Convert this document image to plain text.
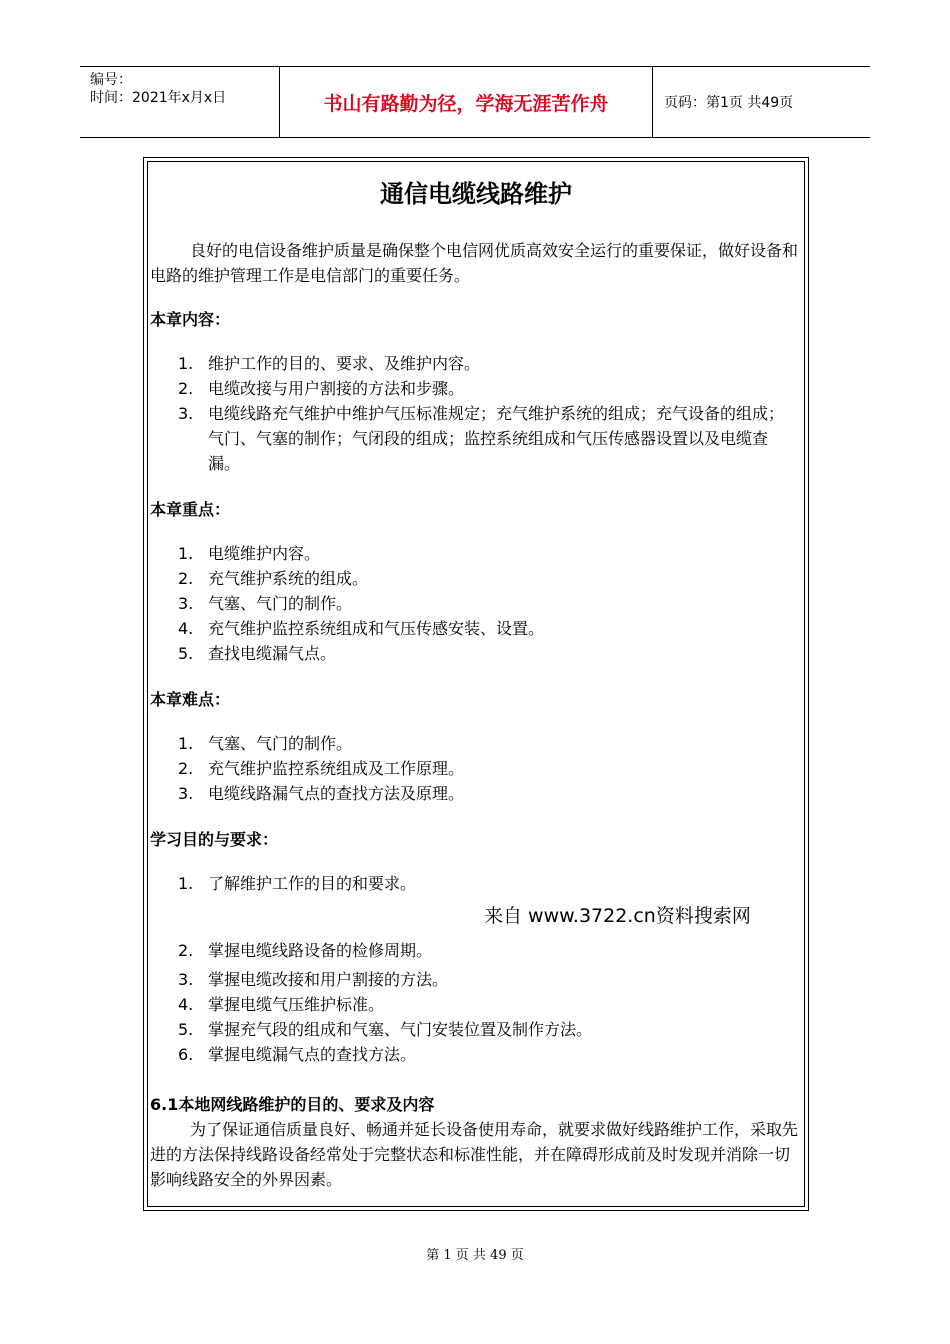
编号：
时间：2021年x月x日	书山有路勤为径，学海无涯苦作舟	页码：第1页 共49页
通信电缆线路维护

良好的电信设备维护质量是确保整个电信网优质高效安全运行的重要保证，做好设备和电路的维护管理工作是电信部门的重要任务。

本章内容：
1. 维护工作的目的、要求、及维护内容。
2. 电缆改接与用户割接的方法和步骤。
3. 电缆线路充气维护中维护气压标准规定；充气维护系统的组成；充气设备的组成；气门、气塞的制作；气闭段的组成；监控系统组成和气压传感器设置以及电缆查漏。
本章重点：
1. 电缆维护内容。
2. 充气维护系统的组成。
3. 气塞、气门的制作。
4. 充气维护监控系统组成和气压传感安装、设置。
5. 查找电缆漏气点。
本章难点：
1. 气塞、气门的制作。
2. 充气维护监控系统组成及工作原理。
3. 电缆线路漏气点的查找方法及原理。
学习目的与要求：
1. 了解维护工作的目的和要求。
来自 www.3722.cn资料搜索网
2. 掌握电缆线路设备的检修周期。
3. 掌握电缆改接和用户割接的方法。
4. 掌握电缆气压维护标准。
5. 掌握充气段的组成和气塞、气门安装位置及制作方法。
6. 掌握电缆漏气点的查找方法。
6.1本地网线路维护的目的、要求及内容

为了保证通信质量良好、畅通并延长设备使用寿命，就要求做好线路维护工作，采取先进的方法保持线路设备经常处于完整状态和标准性能，并在障碍形成前及时发现并消除一切影响线路安全的外界因素。

第 1 页 共 49 页
